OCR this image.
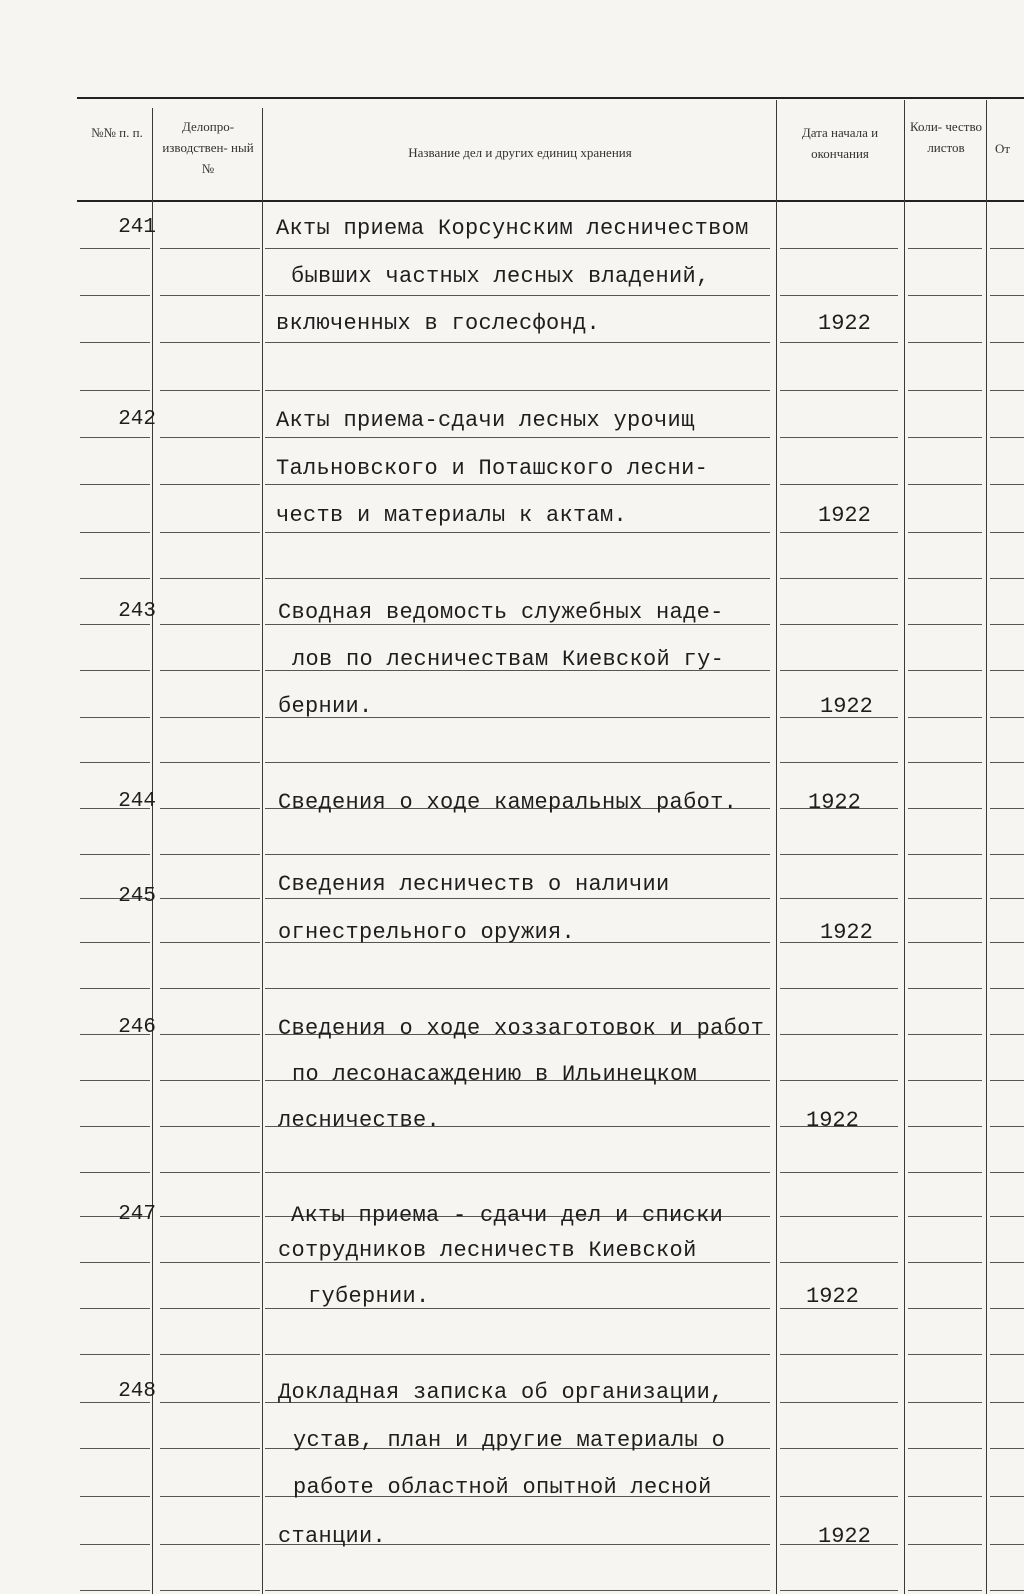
№№ п. п.	Делопро- изводствен- ный №
Название дел и других единиц хранения
Дата начала и окончания
Коли- чество листов	От
241	Акты приема Корсунским лесничеством
бывших частных лесных владений,
включенных в гослесфонд.	1922
242	Акты приема-сдачи лесных урочищ
Тальновского и Поташского лесни-
честв и материалы к актам.	1922
243	Сводная ведомость служебных наде-
лов по лесничествам Киевской гу-
бернии.	1922
244	Сведения о ходе камеральных работ.	1922
245	Сведения лесничеств о наличии
огнестрельного оружия.	1922
246	Сведения о ходе хоззаготовок и работ
по лесонасаждению в Ильинецком
лесничестве.	1922
247	Акты приема - сдачи дел и списки
сотрудников лесничеств Киевской
губернии.	1922
248	Докладная записка об организации,
устав, план и другие материалы о
работе областной опытной лесной
станции.	1922
